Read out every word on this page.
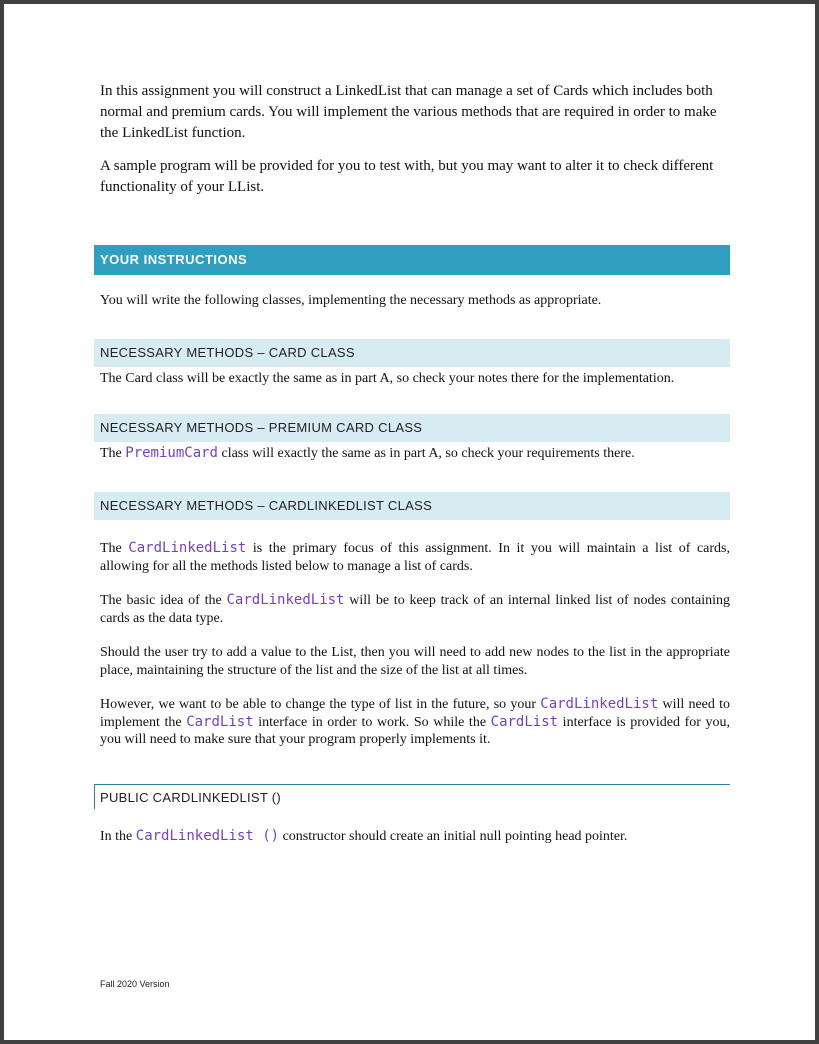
In this assignment you will construct a LinkedList that can manage a set of Cards which includes both normal and premium cards. You will implement the various methods that are required in order to make the LinkedList function.

A sample program will be provided for you to test with, but you may want to alter it to check different functionality of your LList.

YOUR INSTRUCTIONS

You will write the following classes, implementing the necessary methods as appropriate.

NECESSARY METHODS – CARD CLASS

The Card class will be exactly the same as in part A, so check your notes there for the implementation.

NECESSARY METHODS – PREMIUM CARD CLASS

The PremiumCard class will exactly the same as in part A, so check your requirements there.

NECESSARY METHODS – CARDLINKEDLIST CLASS

The CardLinkedList is the primary focus of this assignment. In it you will maintain a list of cards, allowing for all the methods listed below to manage a list of cards.

The basic idea of the CardLinkedList will be to keep track of an internal linked list of nodes containing cards as the data type.

Should the user try to add a value to the List, then you will need to add new nodes to the list in the appropriate place, maintaining the structure of the list and the size of the list at all times.

However, we want to be able to change the type of list in the future, so your CardLinkedList will need to implement the CardList interface in order to work. So while the CardList interface is provided for you, you will need to make sure that your program properly implements it.

PUBLIC CARDLINKEDLIST ()

In the CardLinkedList () constructor should create an initial null pointing head pointer.

Fall 2020 Version
